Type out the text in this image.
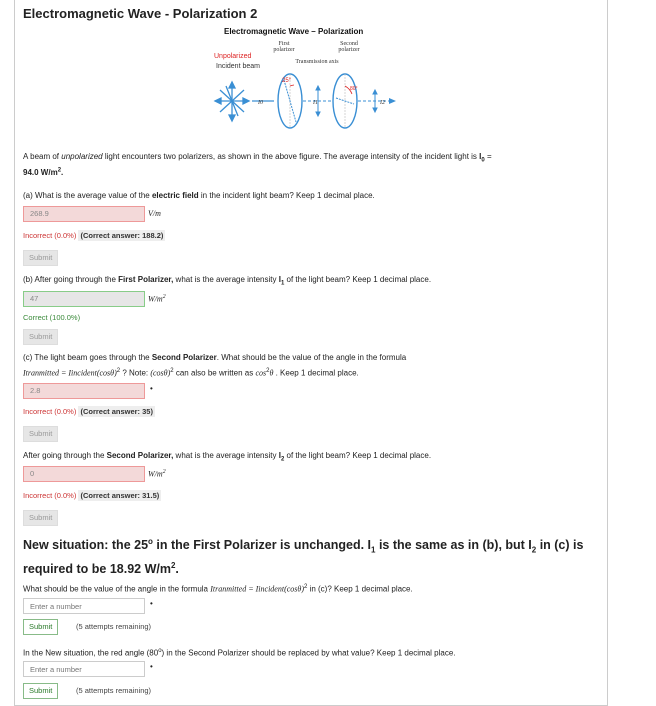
Electromagnetic Wave - Polarization 2
Electromagnetic Wave – Polarization
First polarizer
Second polarizer
Transmission axis
Unpolarized
Incident beam
25°
80°
I0	I1	I2
A beam of unpolarized light encounters two polarizers, as shown in the above figure. The average intensity of the incident light is $I_0$ =
94.0 $W/m^2$.
(a) What is the average value of the electric field in the incident light beam? Keep 1 decimal place.
268.9	V/m
Incorrect (0.0%) (Correct answer: 188.2)
Submit
(b) After going through the First Polarizer, what is the average intensity $I_1$ of the light beam? Keep 1 decimal place.
47	$W/m^2$
Correct (100.0%)
Submit
(c) The light beam goes through the Second Polarizer. What should be the value of the angle in the formula
Itranmitted = $Iincident(\cos\theta)^2$ ? Note: $(\cos\theta)^2$ can also be written as $\cos^2\theta$ . Keep 1 decimal place.
2.8	•
Incorrect (0.0%) (Correct answer: 35)
Submit
After going through the Second Polarizer, what is the average intensity $I_2$ of the light beam? Keep 1 decimal place.
0	$W/m^2$
Incorrect (0.0%) (Correct answer: 31.5)
Submit
New situation: the 25$^o$ in the First Polarizer is unchanged. $I_1$ is the same as in (b), but $I_2$ in (c) is required to be 18.92 $W/m^2$.
What should be the value of the angle in the formula Itranmitted = $Iincident(\cos\theta)^2$ in (c)? Keep 1 decimal place.
Enter a number
•
Submit	(5 attempts remaining)
In the New situation, the red angle (80$^o$) in the Second Polarizer should be replaced by what value? Keep 1 decimal place.
Enter a number
•
Submit	(5 attempts remaining)
